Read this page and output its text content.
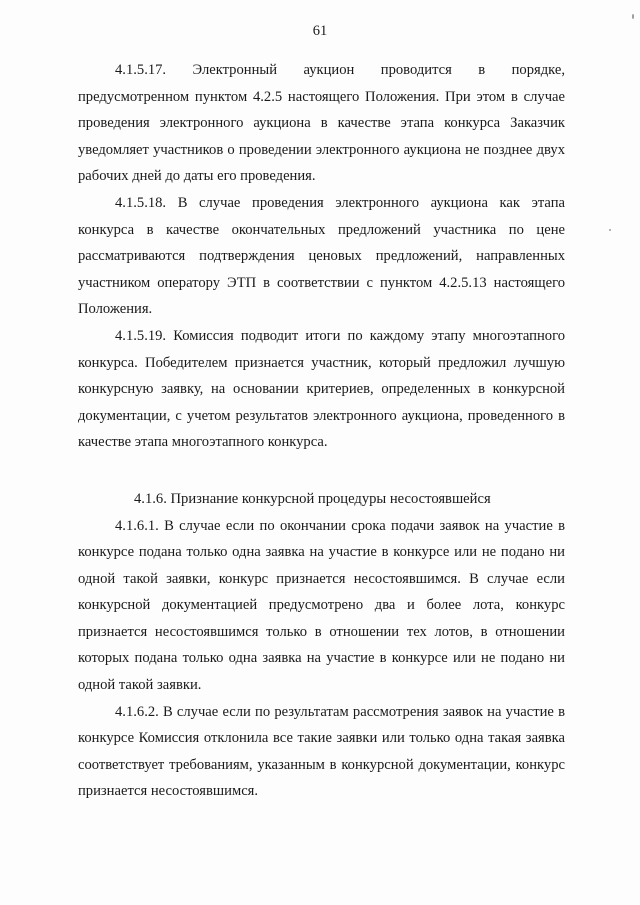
61

4.1.5.17. Электронный аукцион проводится в порядке, предусмотренном пунктом 4.2.5 настоящего Положения. При этом в случае проведения электронного аукциона в качестве этапа конкурса Заказчик уведомляет участников о проведении электронного аукциона не позднее двух рабочих дней до даты его проведения.

4.1.5.18. В случае проведения электронного аукциона как этапа конкурса в качестве окончательных предложений участника по цене рассматриваются подтверждения ценовых предложений, направленных участником оператору ЭТП в соответствии с пунктом 4.2.5.13 настоящего Положения.

4.1.5.19. Комиссия подводит итоги по каждому этапу многоэтапного конкурса. Победителем признается участник, который предложил лучшую конкурсную заявку, на основании критериев, определенных в конкурсной документации, с учетом результатов электронного аукциона, проведенного в качестве этапа многоэтапного конкурса.

4.1.6. Признание конкурсной процедуры несостоявшейся

4.1.6.1. В случае если по окончании срока подачи заявок на участие в конкурсе подана только одна заявка на участие в конкурсе или не подано ни одной такой заявки, конкурс признается несостоявшимся. В случае если конкурсной документацией предусмотрено два и более лота, конкурс признается несостоявшимся только в отношении тех лотов, в отношении которых подана только одна заявка на участие в конкурсе или не подано ни одной такой заявки.

4.1.6.2. В случае если по результатам рассмотрения заявок на участие в конкурсе Комиссия отклонила все такие заявки или только одна такая заявка соответствует требованиям, указанным в конкурсной документации, конкурс признается несостоявшимся.
